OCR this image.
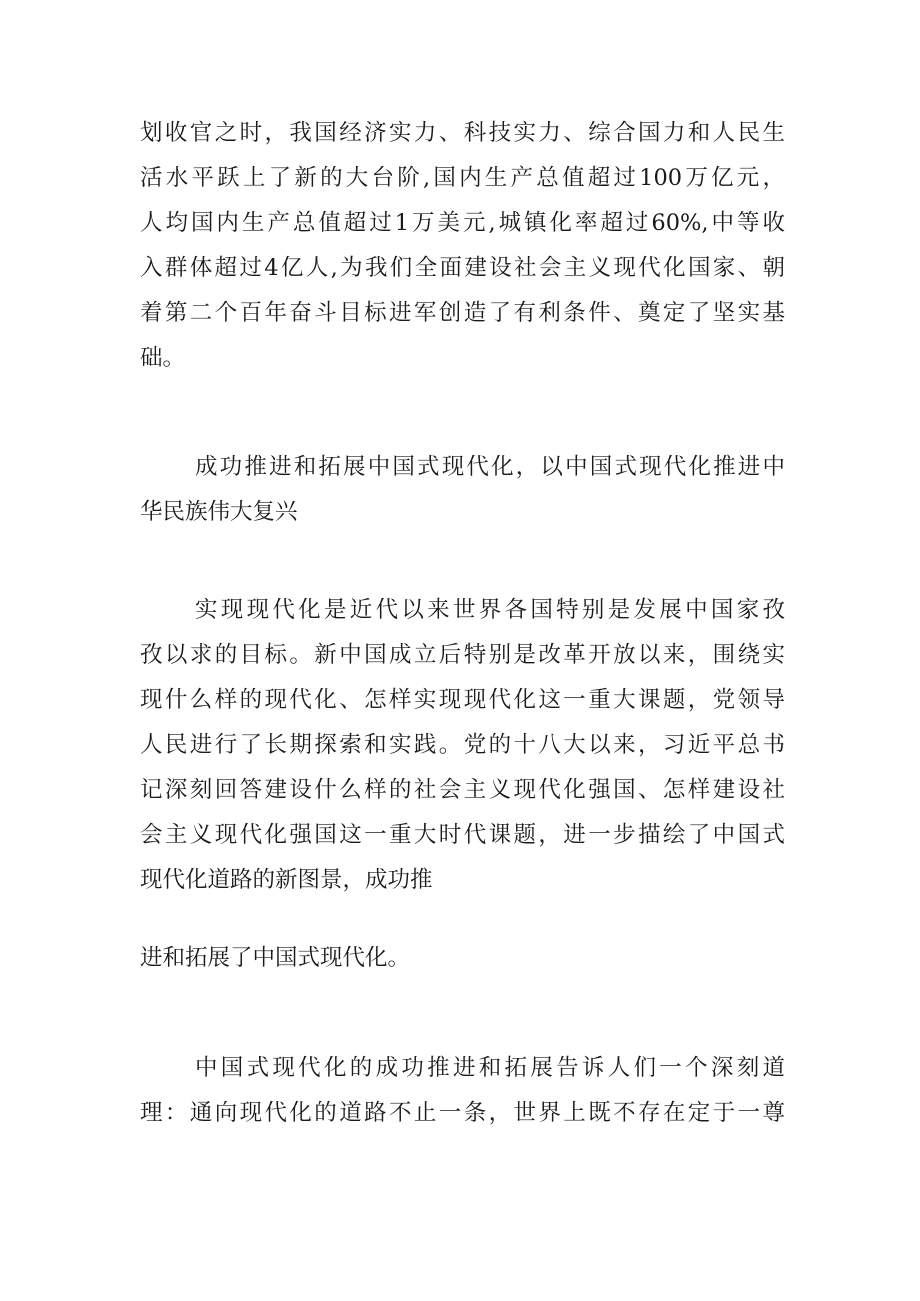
划收官之时，我国经济实力、科技实力、综合国力和人民生

活水平跃上了新的大台阶,国内生产总值超过100万亿元，

人均国内生产总值超过1万美元,城镇化率超过60%,中等收

入群体超过4亿人,为我们全面建设社会主义现代化国家、朝

着第二个百年奋斗目标进军创造了有利条件、奠定了坚实基

础。

成功推进和拓展中国式现代化，以中国式现代化推进中

华民族伟大复兴

实现现代化是近代以来世界各国特别是发展中国家孜

孜以求的目标。新中国成立后特别是改革开放以来，围绕实

现什么样的现代化、怎样实现现代化这一重大课题，党领导

人民进行了长期探索和实践。党的十八大以来，习近平总书

记深刻回答建设什么样的社会主义现代化强国、怎样建设社

会主义现代化强国这一重大时代课题，进一步描绘了中国式

现代化道路的新图景，成功推

进和拓展了中国式现代化。

中国式现代化的成功推进和拓展告诉人们一个深刻道

理：通向现代化的道路不止一条，世界上既不存在定于一尊
